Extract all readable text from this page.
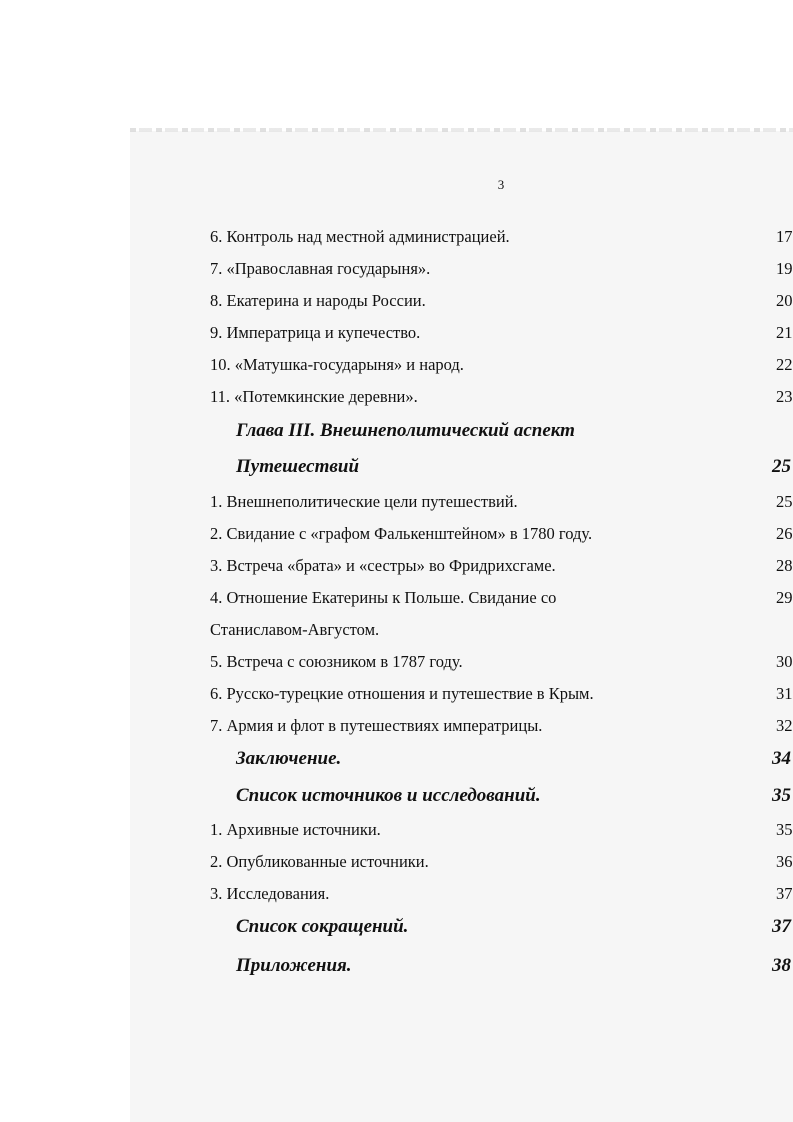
3
6. Контроль над местной администрацией.	17
7. «Православная государыня».	19
8. Екатерина и народы России.	20
9. Императрица и купечество.	21
10. «Матушка-государыня» и народ.	22
11. «Потемкинские деревни».	23
Глава III. Внешнеполитический аспект
Путешествий	25
1. Внешнеполитические цели путешествий.	25
2. Свидание с «графом Фалькенштейном» в 1780 году.	26
3. Встреча «брата» и «сестры» во Фридрихсгаме.	28
4. Отношение Екатерины к Польше. Свидание со	29
Станиславом-Августом.
5. Встреча с союзником в 1787 году.	30
6. Русско-турецкие отношения и путешествие в Крым.	31
7. Армия и флот в путешествиях императрицы.	32
Заключение.	34
Список источников и исследований.	35
1. Архивные источники.	35
2. Опубликованные источники.	36
3. Исследования.	37
Список сокращений.	37
Приложения.	38
